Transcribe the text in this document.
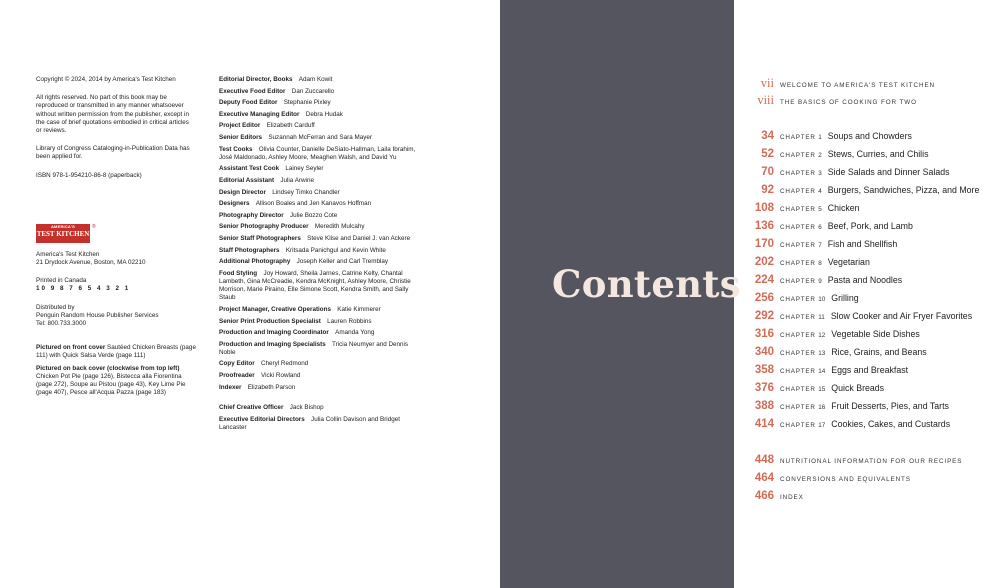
Copyright © 2024, 2014 by America's Test Kitchen

All rights reserved. No part of this book may be reproduced or transmitted in any manner whatsoever without written permission from the publisher, except in the case of brief quotations embodied in critical articles or reviews.

Library of Congress Cataloging-in-Publication Data has been applied for.

ISBN 978-1-954210-86-8 (paperback)

AMERICA'S
TEST KITCHEN
®

America's Test Kitchen

21 Drydock Avenue, Boston, MA 02210

Printed in Canada

10 9 8 7 6 5 4 3 2 1

Distributed by

Penguin Random House Publisher Services

Tel: 800.733.3000

Pictured on front cover Sautéed Chicken Breasts (page 111) with Quick Salsa Verde (page 111)

Pictured on back cover (clockwise from top left) Chicken Pot Pie (page 126), Bistecca alla Fiorentina (page 272), Soupe au Pistou (page 43), Key Lime Pie (page 407), Pesce all'Acqua Pazza (page 183)

Editorial Director, Books  Adam Kowit
Executive Food Editor  Dan Zuccarello
Deputy Food Editor  Stephanie Pixley
Executive Managing Editor  Debra Hudak
Project Editor  Elizabeth Carduff
Senior Editors  Suzannah McFerran and Sara Mayer
Test Cooks  Olivia Counter, Danielle DeSiato-Hallman, Laila Ibrahim, José Maldonado, Ashley Moore, Meaghen Walsh, and David Yu
Assistant Test Cook  Lainey Seyler
Editorial Assistant  Julia Arwine
Design Director  Lindsey Timko Chandler
Designers  Allison Boales and Jen Kanavos Hoffman
Photography Director  Julie Bozzo Cote
Senior Photography Producer  Meredith Mulcahy
Senior Staff Photographers  Steve Klise and Daniel J. van Ackere
Staff Photographers  Kritsada Panichgul and Kevin White
Additional Photography  Joseph Keller and Carl Tremblay
Food Styling  Joy Howard, Sheila Jarnes, Catrine Kelty, Chantal Lambeth, Gina McCreadie, Kendra McKnight, Ashley Moore, Christie Morrison, Marie Piraino, Elle Simone Scott, Kendra Smith, and Sally Staub
Project Manager, Creative Operations  Katie Kimmerer
Senior Print Production Specialist  Lauren Robbins
Production and Imaging Coordinator  Amanda Yong
Production and Imaging Specialists  Tricia Neumyer and Dennis Noble
Copy Editor  Cheryl Redmond
Proofreader  Vicki Rowland
Indexer  Elizabeth Parson
Chief Creative Officer  Jack Bishop
Executive Editorial Directors  Julia Collin Davison and Bridget Lancaster
Contents
vii WELCOME TO AMERICA'S TEST KITCHEN
viii THE BASICS OF COOKING FOR TWO
34 CHAPTER 1 Soups and Chowders
52 CHAPTER 2 Stews, Curries, and Chilis
70 CHAPTER 3 Side Salads and Dinner Salads
92 CHAPTER 4 Burgers, Sandwiches, Pizza, and More
108 CHAPTER 5 Chicken
136 CHAPTER 6 Beef, Pork, and Lamb
170 CHAPTER 7 Fish and Shellfish
202 CHAPTER 8 Vegetarian
224 CHAPTER 9 Pasta and Noodles
256 CHAPTER 10 Grilling
292 CHAPTER 11 Slow Cooker and Air Fryer Favorites
316 CHAPTER 12 Vegetable Side Dishes
340 CHAPTER 13 Rice, Grains, and Beans
358 CHAPTER 14 Eggs and Breakfast
376 CHAPTER 15 Quick Breads
388 CHAPTER 16 Fruit Desserts, Pies, and Tarts
414 CHAPTER 17 Cookies, Cakes, and Custards
448 NUTRITIONAL INFORMATION FOR OUR RECIPES
464 CONVERSIONS AND EQUIVALENTS
466 INDEX
